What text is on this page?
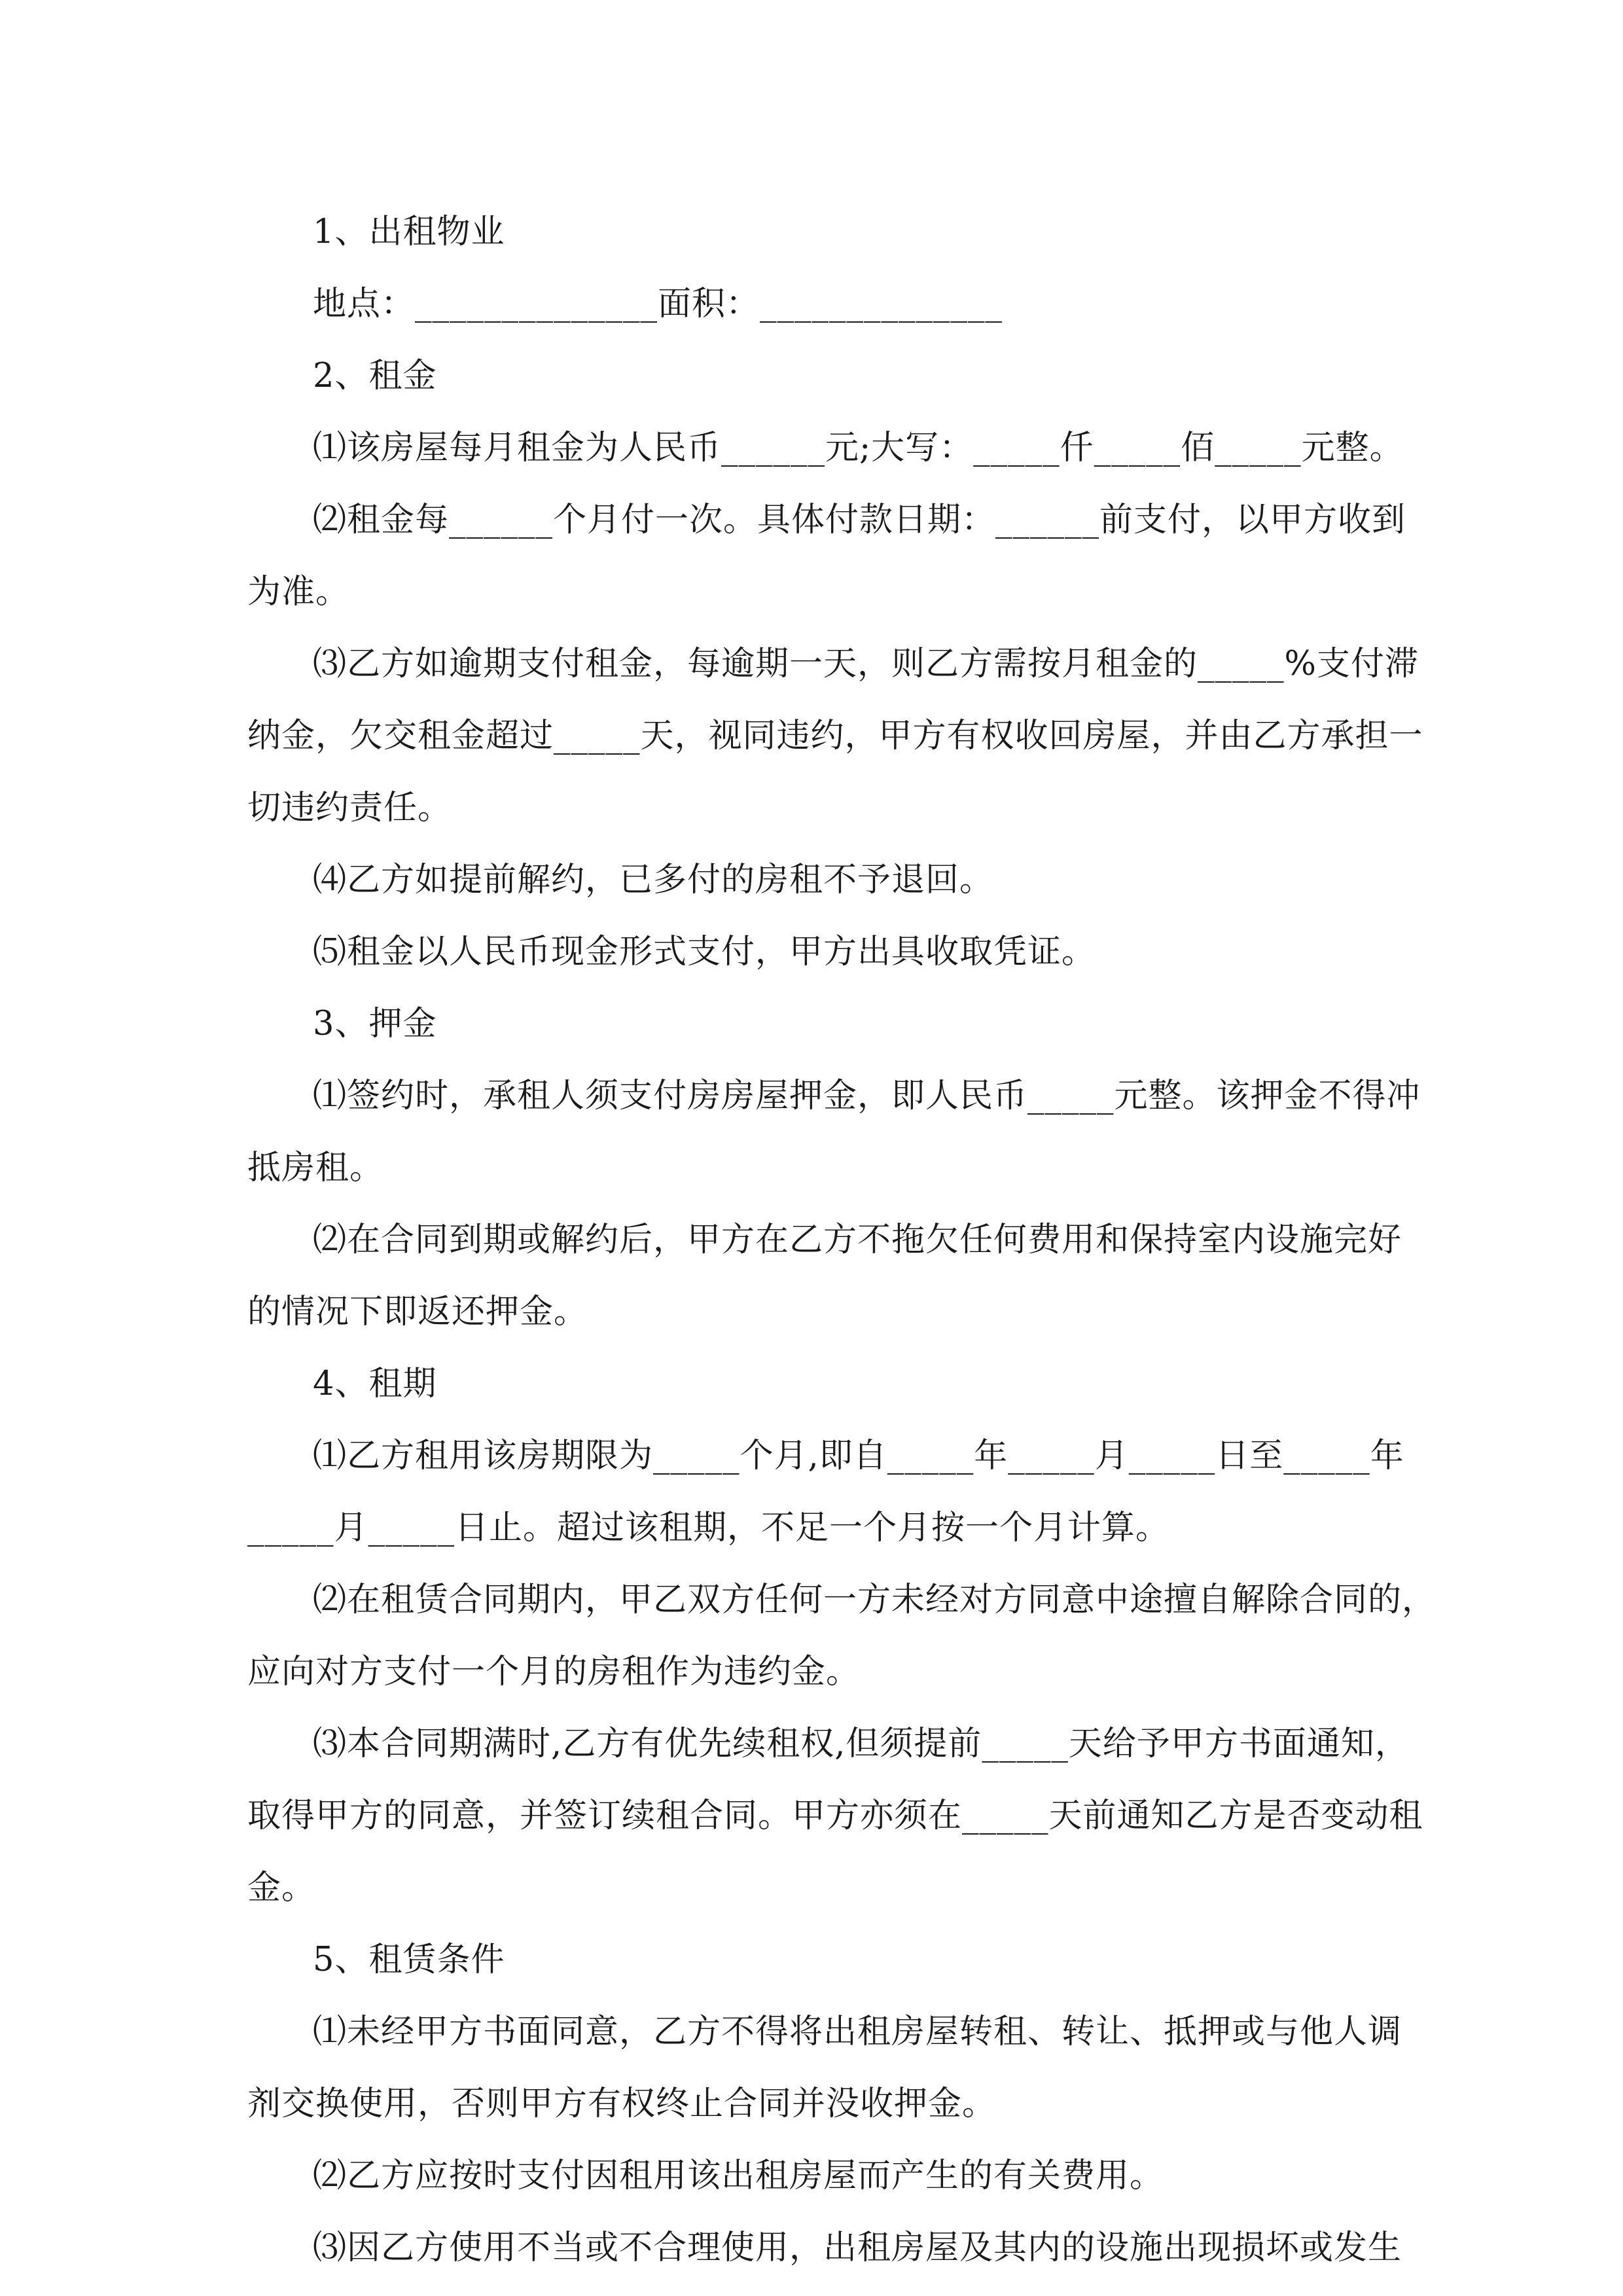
1、出租物业
地点：______________面积：______________
2、租金
⑴该房屋每月租金为人民币______元;大写：_____仟_____佰_____元整。
⑵租金每______个月付一次。具体付款日期：______前支付，以甲方收到
为准。
⑶乙方如逾期支付租金，每逾期一天，则乙方需按月租金的_____%支付滞
纳金，欠交租金超过_____天，视同违约，甲方有权收回房屋，并由乙方承担一
切违约责任。
⑷乙方如提前解约，已多付的房租不予退回。
⑸租金以人民币现金形式支付，甲方出具收取凭证。
3、押金
⑴签约时，承租人须支付房房屋押金，即人民币_____元整。该押金不得冲
抵房租。
⑵在合同到期或解约后，甲方在乙方不拖欠任何费用和保持室内设施完好
的情况下即返还押金。
4、租期
⑴乙方租用该房期限为_____个月,即自_____年_____月_____日至_____年
_____月_____日止。超过该租期，不足一个月按一个月计算。
⑵在租赁合同期内，甲乙双方任何一方未经对方同意中途擅自解除合同的，
应向对方支付一个月的房租作为违约金。
⑶本合同期满时,乙方有优先续租权,但须提前_____天给予甲方书面通知，
取得甲方的同意，并签订续租合同。甲方亦须在_____天前通知乙方是否变动租
金。
5、租赁条件
⑴未经甲方书面同意，乙方不得将出租房屋转租、转让、抵押或与他人调
剂交换使用，否则甲方有权终止合同并没收押金。
⑵乙方应按时支付因租用该出租房屋而产生的有关费用。
⑶因乙方使用不当或不合理使用，出租房屋及其内的设施出现损坏或发生
